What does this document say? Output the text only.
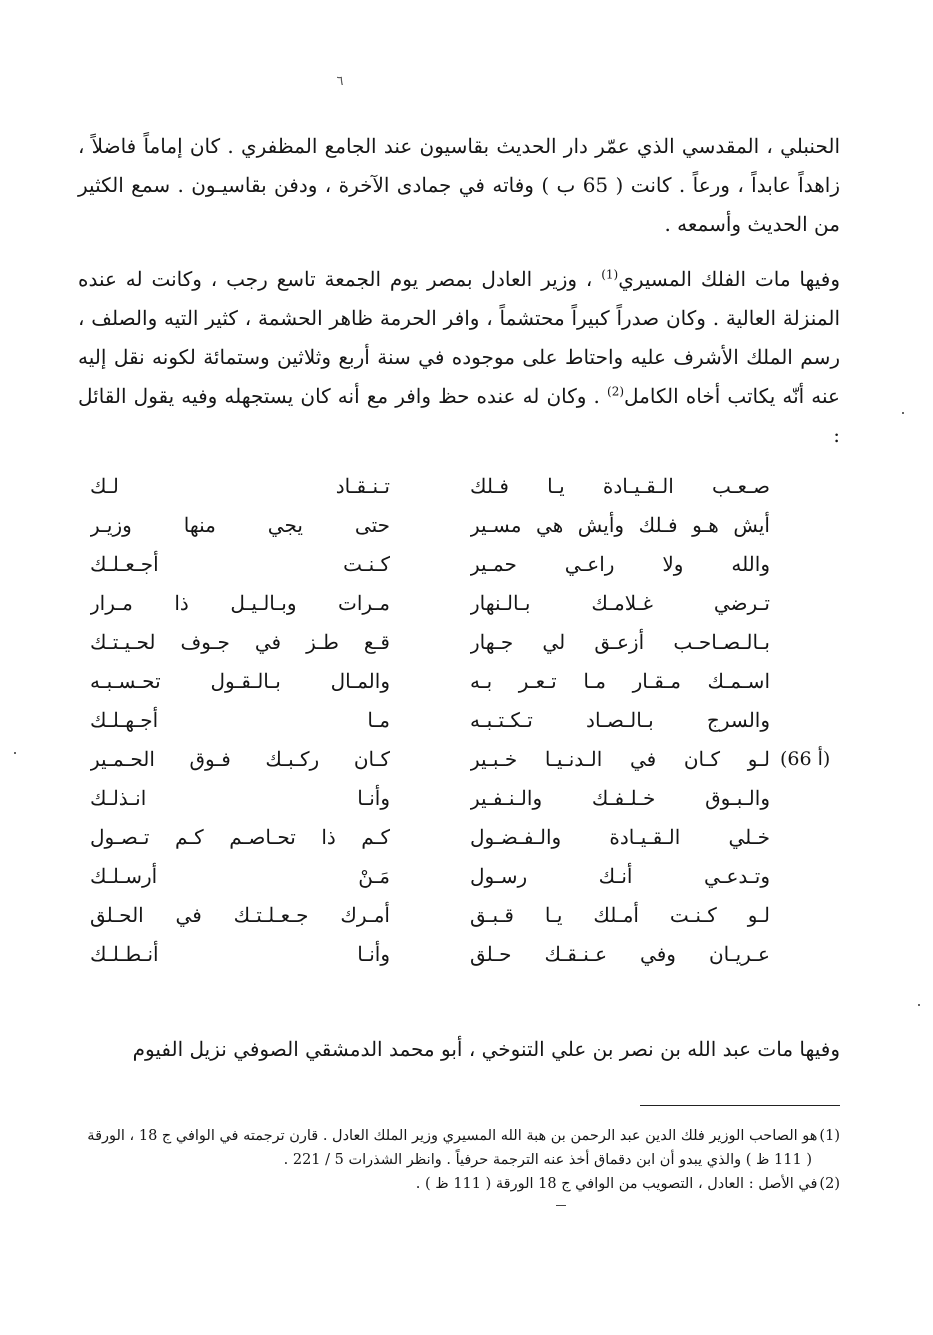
٦

الحنبلي ، المقدسي الذي عمّر دار الحديث بقاسيون عند الجامع المظفري . كان إماماً فاضلاً ، زاهداً عابداً ، ورعاً . كانت ( 65 ب ) وفاته في جمادى الآخرة ، ودفن بقاسيـون . سمع الكثير من الحديث وأسمعه .

وفيها مات الفلك المسيري$^{(1)}$ ، وزير العادل بمصر يوم الجمعة تاسع رجب ، وكانت له عنده المنزلة العالية . وكان صدراً كبيراً محتشماً ، وافر الحرمة ظاهر الحشمة ، كثير التيه والصلف ، رسم الملك الأشرف عليه واحتاط على موجوده في سنة أربع وثلاثين وستمائة لكونه نقل إليه عنه أنّه يكاتب أخاه الكامل$^{(2)}$ . وكان له عنده حظ وافر مع أنه كان يستجهله وفيه يقول القائل :

صـعـب الـقـيـادة يـا فـلك
تـنـقـاد لـك
أيش هـو فـلك وأيش هي مسـير
حتى يجي منها وزيـر
والله ولا راعـي حمـير
كـنـت أجـعـلـك
تـرضي غـلامـك بـالـنهار
مـرات وبـالـيـل ذا مـرار
بـالـصـاحـب أزعـق لي جـهار
قـع طـز في جـوف لحـيـتـك
اسـمـك مـقـار مـا تـعـر بـه
والمـال بـالـقـول تحـسـبـه
والسرج بـالـصـاد تـكـتـبـه
مـا أجـهـلـك
(66 أ)
لـو كـان في الـدنـيـا خـبـير
كـان ركـبـك فـوق الحـمـير
والـبـوق خـلـفـك والـنـفـير
وأنـا انـذلـك
خـلي الـقـيـادة والـفـضـول
كـم ذا تحـاصـم كـم تـصـول
وتـدعـي أنـك رسـول
مَـنْ أرسـلـك
لـو كـنـت أمـلك يـا قـبـق
أمـرك جـعـلـتـك في الحـلق
عـريـان وفي عـنـقـك حـلق
وأنـا أنـطـلـك

وفيها مات عبد الله بن نصر بن علي التنوخي ، أبو محمد الدمشقي الصوفي نزيل الفيوم

(1)هو الصاحب الوزير فلك الدين عبد الرحمن بن هبة الله المسيري وزير الملك العادل . قارن ترجمته في الوافي ج 18 ، الورقة

( 111 ظ ) والذي يبدو أن ابن دقماق أخذ عنه الترجمة حرفياً . وانظر الشذرات 5 / 221 .

(2)في الأصل : العادل ، التصويب من الوافي ج 18 الورقة ( 111 ظ ) .
